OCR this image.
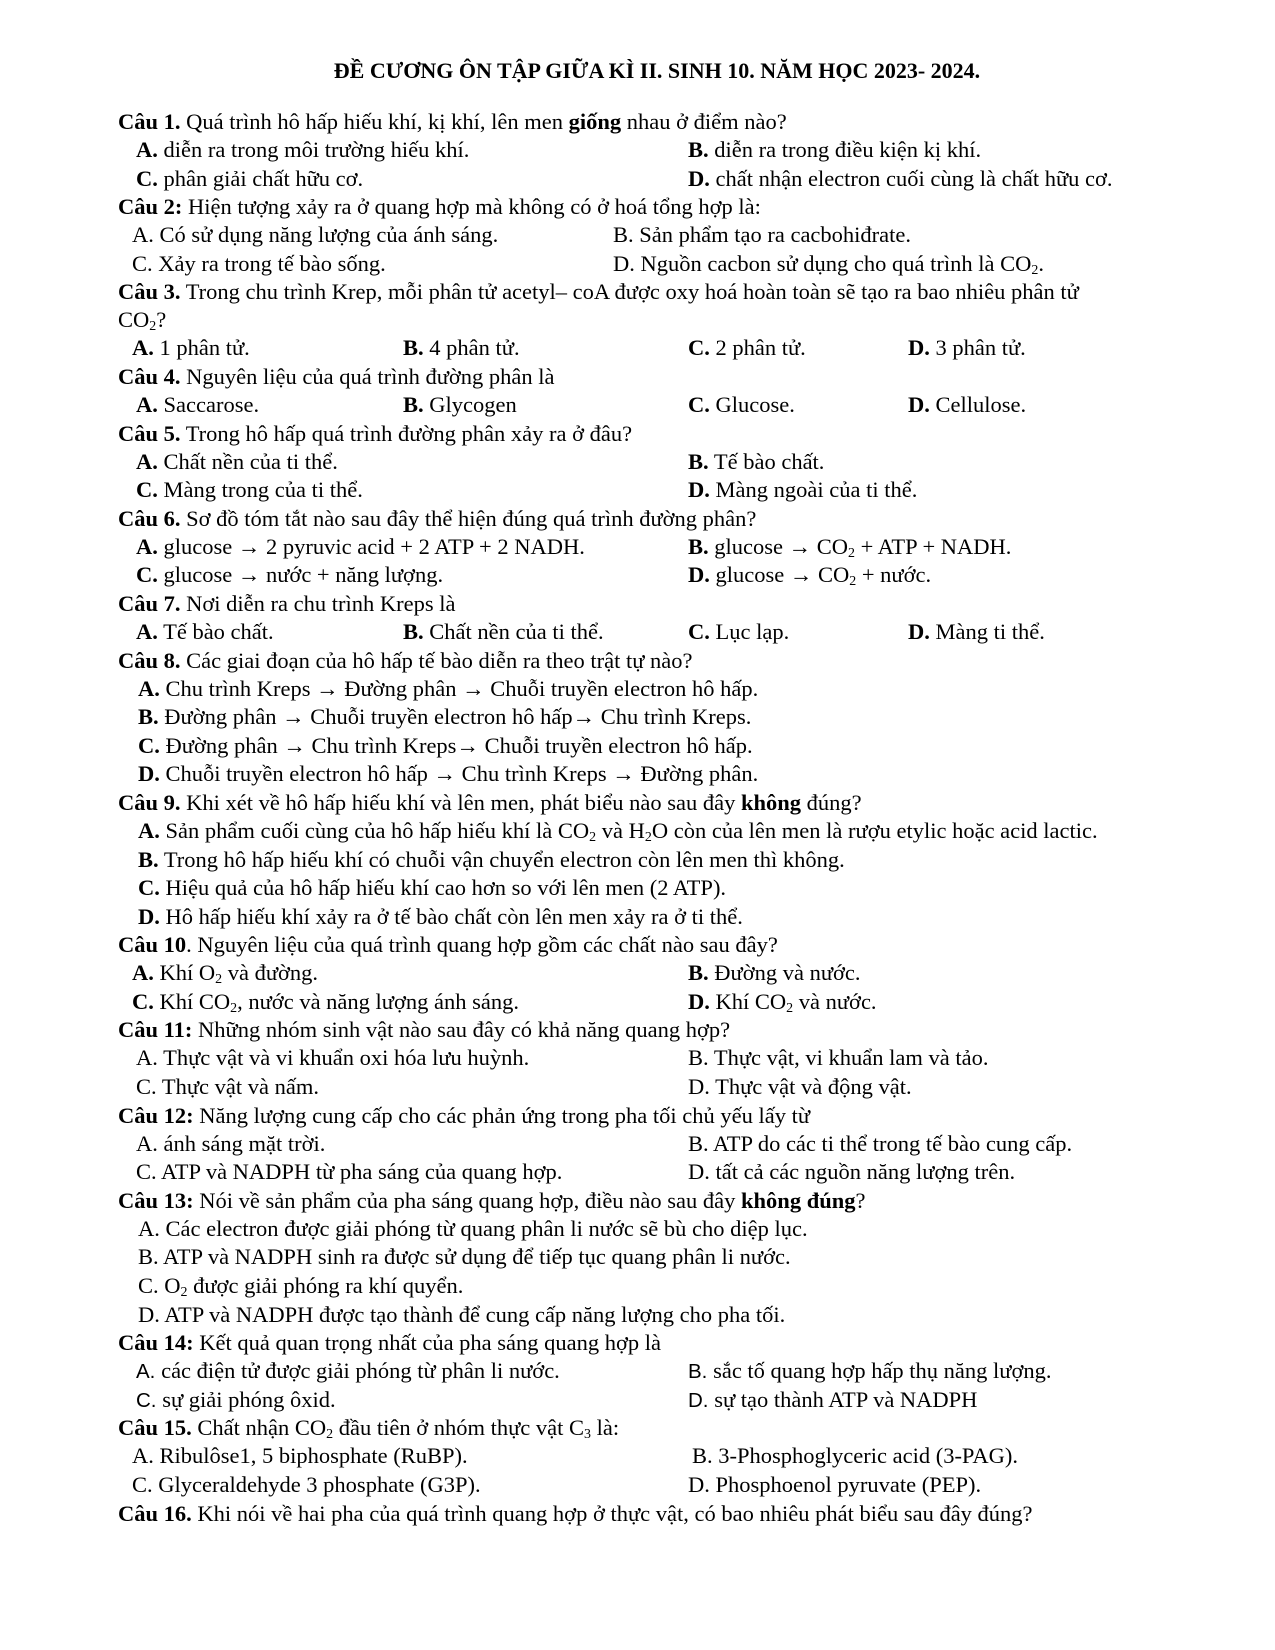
ĐỀ CƯƠNG ÔN TẬP GIỮA KÌ II. SINH 10. NĂM HỌC 2023- 2024.
Câu 1. Quá trình hô hấp hiếu khí, kị khí, lên men giống nhau ở điểm nào?
A. diễn ra trong môi trường hiếu khí.	B. diễn ra trong điều kiện kị khí.
C. phân giải chất hữu cơ.	D. chất nhận electron cuối cùng là chất hữu cơ.
Câu 2: Hiện tượng xảy ra ở quang hợp mà không có ở hoá tổng hợp là:
A. Có sử dụng năng lượng của ánh sáng.	B. Sản phẩm tạo ra cacbohiđrate.
C. Xảy ra trong tế bào sống.	D. Nguồn cacbon sử dụng cho quá trình là $CO_2$.
Câu 3. Trong chu trình Krep, mỗi phân tử acetyl– coA được oxy hoá hoàn toàn sẽ tạo ra bao nhiêu phân tử
$CO_2$?
A. 1 phân tử.	B. 4 phân tử.	C. 2 phân tử.	D. 3 phân tử.
Câu 4. Nguyên liệu của quá trình đường phân là
A. Saccarose.	B. Glycogen	C. Glucose.	D. Cellulose.
Câu 5. Trong hô hấp quá trình đường phân xảy ra ở đâu?
A. Chất nền của ti thể.	B. Tế bào chất.
C. Màng trong của ti thể.	D. Màng ngoài của ti thể.
Câu 6. Sơ đồ tóm tắt nào sau đây thể hiện đúng quá trình đường phân?
A. glucose → 2 pyruvic acid + 2 ATP + 2 NADH.	B. $glucose \to CO_2$ + ATP + NADH.
C. glucose → nước + năng lượng.	D. $glucose \to CO_2$ + nước.
Câu 7. Nơi diễn ra chu trình Kreps là
A. Tế bào chất.	B. Chất nền của ti thể.	C. Lục lạp.	D. Màng ti thể.
Câu 8. Các giai đoạn của hô hấp tế bào diễn ra theo trật tự nào?
A. Chu trình Kreps → Đường phân → Chuỗi truyền electron hô hấp.
B. Đường phân → Chuỗi truyền electron hô hấp→ Chu trình Kreps.
C. Đường phân → Chu trình Kreps→ Chuỗi truyền electron hô hấp.
D. Chuỗi truyền electron hô hấp → Chu trình Kreps → Đường phân.
Câu 9. Khi xét về hô hấp hiếu khí và lên men, phát biểu nào sau đây không đúng?
A. Sản phẩm cuối cùng của hô hấp hiếu khí là $CO_2$ và $H_2O$ còn của lên men là rượu etylic hoặc acid lactic.
B. Trong hô hấp hiếu khí có chuỗi vận chuyển electron còn lên men thì không.
C. Hiệu quả của hô hấp hiếu khí cao hơn so với lên men (2 ATP).
D. Hô hấp hiếu khí xảy ra ở tế bào chất còn lên men xảy ra ở ti thể.
Câu 10. Nguyên liệu của quá trình quang hợp gồm các chất nào sau đây?
A. Khí $O_2$ và đường.	B. Đường và nước.
C. Khí $CO_2$, nước và năng lượng ánh sáng.	D. Khí $CO_2$ và nước.
Câu 11: Những nhóm sinh vật nào sau đây có khả năng quang hợp?
A. Thực vật và vi khuẩn oxi hóa lưu huỳnh.	B. Thực vật, vi khuẩn lam và tảo.
C. Thực vật và nấm.	D. Thực vật và động vật.
Câu 12: Năng lượng cung cấp cho các phản ứng trong pha tối chủ yếu lấy từ
A. ánh sáng mặt trời.	B. ATP do các ti thể trong tế bào cung cấp.
C. ATP và NADPH từ pha sáng của quang hợp.	D. tất cả các nguồn năng lượng trên.
Câu 13: Nói về sản phẩm của pha sáng quang hợp, điều nào sau đây không đúng?
A. Các electron được giải phóng từ quang phân li nước sẽ bù cho diệp lục.
B. ATP và NADPH sinh ra được sử dụng để tiếp tục quang phân li nước.
C. $O_2$ được giải phóng ra khí quyển.
D. ATP và NADPH được tạo thành để cung cấp năng lượng cho pha tối.
Câu 14: Kết quả quan trọng nhất của pha sáng quang hợp là
A. các điện tử được giải phóng từ phân li nước.	B. sắc tố quang hợp hấp thụ năng lượng.
C. sự giải phóng ôxid.	D. sự tạo thành ATP và NADPH
Câu 15. Chất nhận $CO_2$ đầu tiên ở nhóm thực vật $C_3$ là:
A. Ribulôse1, 5 biphosphate (RuBP).	B. 3-Phosphoglyceric acid (3-PAG).
C. Glyceraldehyde 3 phosphate (G3P).	D. Phosphoenol pyruvate (PEP).
Câu 16. Khi nói về hai pha của quá trình quang hợp ở thực vật, có bao nhiêu phát biểu sau đây đúng?
